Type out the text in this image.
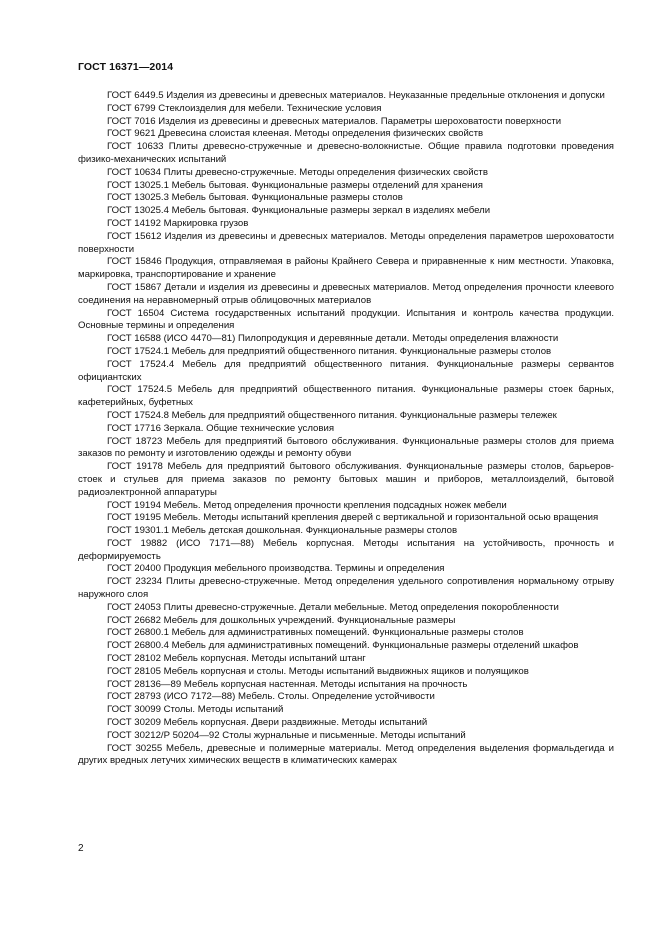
ГОСТ 16371—2014

ГОСТ 6449.5 Изделия из древесины и древесных материалов. Неуказанные предельные отклонения и допуски

ГОСТ 6799 Стеклоизделия для мебели. Технические условия

ГОСТ 7016 Изделия из древесины и древесных материалов. Параметры шероховатости поверхности

ГОСТ 9621 Древесина слоистая клееная. Методы определения физических свойств

ГОСТ 10633 Плиты древесно-стружечные и древесно-волокнистые. Общие правила подготовки проведения физико-механических испытаний

ГОСТ 10634 Плиты древесно-стружечные. Методы определения физических свойств

ГОСТ 13025.1 Мебель бытовая. Функциональные размеры отделений для хранения

ГОСТ 13025.3 Мебель бытовая. Функциональные размеры столов

ГОСТ 13025.4 Мебель бытовая. Функциональные размеры зеркал в изделиях мебели

ГОСТ 14192 Маркировка грузов

ГОСТ 15612 Изделия из древесины и древесных материалов. Методы определения параметров шероховатости поверхности

ГОСТ 15846 Продукция, отправляемая в районы Крайнего Севера и приравненные к ним местности. Упаковка, маркировка, транспортирование и хранение

ГОСТ 15867 Детали и изделия из древесины и древесных материалов. Метод определения прочности клеевого соединения на неравномерный отрыв облицовочных материалов

ГОСТ 16504 Система государственных испытаний продукции. Испытания и контроль качества продукции. Основные термины и определения

ГОСТ 16588 (ИСО 4470—81) Пилопродукция и деревянные детали. Методы определения влажности

ГОСТ 17524.1 Мебель для предприятий общественного питания. Функциональные размеры столов

ГОСТ 17524.4 Мебель для предприятий общественного питания. Функциональные размеры сервантов официантских

ГОСТ 17524.5 Мебель для предприятий общественного питания. Функциональные размеры стоек барных, кафетерийных, буфетных

ГОСТ 17524.8 Мебель для предприятий общественного питания. Функциональные размеры тележек

ГОСТ 17716 Зеркала. Общие технические условия

ГОСТ 18723 Мебель для предприятий бытового обслуживания. Функциональные размеры столов для приема заказов по ремонту и изготовлению одежды и ремонту обуви

ГОСТ 19178 Мебель для предприятий бытового обслуживания. Функциональные размеры столов, барьеров-стоек и стульев для приема заказов по ремонту бытовых машин и приборов, металлоизделий, бытовой радиоэлектронной аппаратуры

ГОСТ 19194 Мебель. Метод определения прочности крепления подсадных ножек мебели

ГОСТ 19195 Мебель. Методы испытаний крепления дверей с вертикальной и горизонтальной осью вращения

ГОСТ 19301.1 Мебель детская дошкольная. Функциональные размеры столов

ГОСТ 19882 (ИСО 7171—88) Мебель корпусная. Методы испытания на устойчивость, прочность и деформируемость

ГОСТ 20400 Продукция мебельного производства. Термины и определения

ГОСТ 23234 Плиты древесно-стружечные. Метод определения удельного сопротивления нормальному отрыву наружного слоя

ГОСТ 24053 Плиты древесно-стружечные. Детали мебельные. Метод определения покоробленности

ГОСТ 26682 Мебель для дошкольных учреждений. Функциональные размеры

ГОСТ 26800.1 Мебель для административных помещений. Функциональные размеры столов

ГОСТ 26800.4 Мебель для административных помещений. Функциональные размеры отделений шкафов

ГОСТ 28102 Мебель корпусная. Методы испытаний штанг

ГОСТ 28105 Мебель корпусная и столы. Методы испытаний выдвижных ящиков и полуящиков

ГОСТ 28136—89 Мебель корпусная настенная. Методы испытания на прочность

ГОСТ 28793 (ИСО 7172—88) Мебель. Столы. Определение устойчивости

ГОСТ 30099 Столы. Методы испытаний

ГОСТ 30209 Мебель корпусная. Двери раздвижные. Методы испытаний

ГОСТ 30212/Р 50204—92 Столы журнальные и письменные. Методы испытаний

ГОСТ 30255 Мебель, древесные и полимерные материалы. Метод определения выделения формальдегида и других вредных летучих химических веществ в климатических камерах

2
